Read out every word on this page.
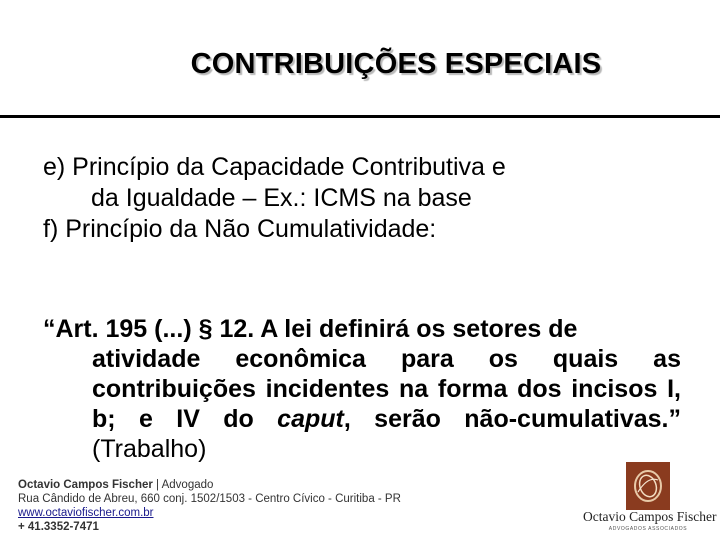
CONTRIBUIÇÕES ESPECIAIS
e) Princípio da Capacidade Contributiva e
da Igualdade – Ex.: ICMS na base
f) Princípio da Não Cumulatividade:
“Art. 195 (...) § 12. A lei definirá os setores de
atividade econômica para os quais as contribuições incidentes na forma dos incisos I, b; e IV do caput, serão não-cumulativas.” (Trabalho)
Octavio Campos Fischer | Advogado
Rua Cândido de Abreu, 660 conj. 1502/1503 - Centro Cívico - Curitiba - PR
www.octaviofischer.com.br
+ 41.3352-7471
Octavio Campos Fischer
ADVOGADOS ASSOCIADOS
